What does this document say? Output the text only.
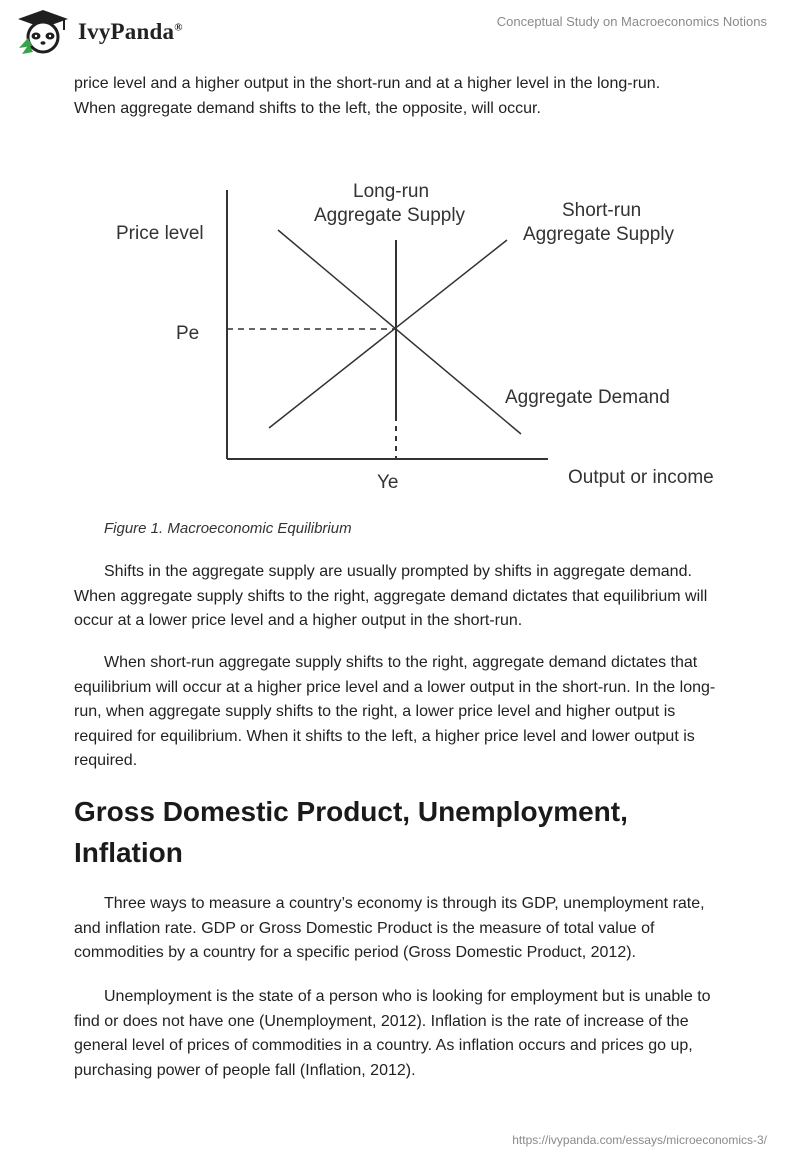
IvyPanda®	Conceptual Study on Macroeconomics Notions

price level and a higher output in the short-run and at a higher level in the long-run.

When aggregate demand shifts to the left, the opposite, will occur.

Price level
Pe
Ye	Output or income
Long-run
Aggregate Supply	Short-run
Aggregate Supply
Aggregate Demand
Figure 1. Macroeconomic Equilibrium

Shifts in the aggregate supply are usually prompted by shifts in aggregate demand. When aggregate supply shifts to the right, aggregate demand dictates that equilibrium will occur at a lower price level and a higher output in the short-run.

When short-run aggregate supply shifts to the right, aggregate demand dictates that equilibrium will occur at a higher price level and a lower output in the short-run. In the long-run, when aggregate supply shifts to the right, a lower price level and higher output is required for equilibrium. When it shifts to the left, a higher price level and lower output is required.

Gross Domestic Product, Unemployment, Inflation

Three ways to measure a country’s economy is through its GDP, unemployment rate, and inflation rate. GDP or Gross Domestic Product is the measure of total value of commodities by a country for a specific period (Gross Domestic Product, 2012).

Unemployment is the state of a person who is looking for employment but is unable to find or does not have one (Unemployment, 2012). Inflation is the rate of increase of the general level of prices of commodities in a country. As inflation occurs and prices go up, purchasing power of people fall (Inflation, 2012).

https://ivypanda.com/essays/microeconomics-3/
